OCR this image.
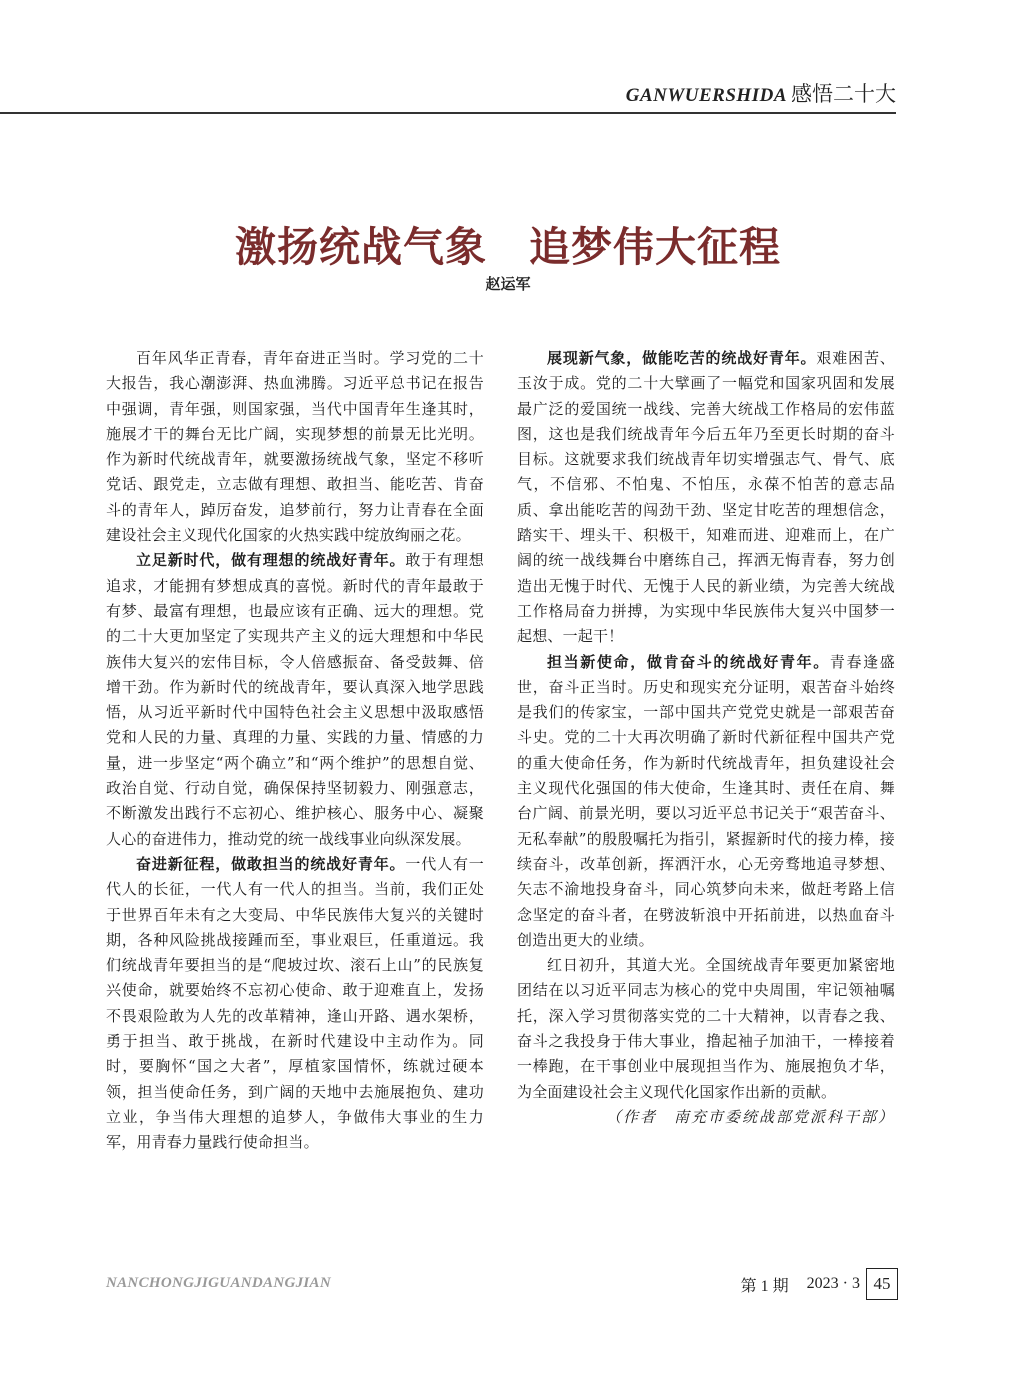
GANWUERSHIDA 感悟二十大
激扬统战气象　追梦伟大征程
赵运军

百年风华正青春，青年奋进正当时。学习党的二十大报告，我心潮澎湃、热血沸腾。习近平总书记在报告中强调，青年强，则国家强，当代中国青年生逢其时，施展才干的舞台无比广阔，实现梦想的前景无比光明。作为新时代统战青年，就要激扬统战气象，坚定不移听党话、跟党走，立志做有理想、敢担当、能吃苦、肯奋斗的青年人，踔厉奋发，追梦前行，努力让青春在全面建设社会主义现代化国家的火热实践中绽放绚丽之花。

立足新时代，做有理想的统战好青年。敢于有理想追求，才能拥有梦想成真的喜悦。新时代的青年最敢于有梦、最富有理想，也最应该有正确、远大的理想。党的二十大更加坚定了实现共产主义的远大理想和中华民族伟大复兴的宏伟目标，令人倍感振奋、备受鼓舞、倍增干劲。作为新时代的统战青年，要认真深入地学思践悟，从习近平新时代中国特色社会主义思想中汲取感悟党和人民的力量、真理的力量、实践的力量、情感的力量，进一步坚定“两个确立”和“两个维护”的思想自觉、政治自觉、行动自觉，确保保持坚韧毅力、刚强意志，不断激发出践行不忘初心、维护核心、服务中心、凝聚人心的奋进伟力，推动党的统一战线事业向纵深发展。

奋进新征程，做敢担当的统战好青年。一代人有一代人的长征，一代人有一代人的担当。当前，我们正处于世界百年未有之大变局、中华民族伟大复兴的关键时期，各种风险挑战接踵而至，事业艰巨，任重道远。我们统战青年要担当的是“爬坡过坎、滚石上山”的民族复兴使命，就要始终不忘初心使命、敢于迎难直上，发扬不畏艰险敢为人先的改革精神，逢山开路、遇水架桥，勇于担当、敢于挑战，在新时代建设中主动作为。同时，要胸怀“国之大者”，厚植家国情怀，练就过硬本领，担当使命任务，到广阔的天地中去施展抱负、建功立业，争当伟大理想的追梦人，争做伟大事业的生力军，用青春力量践行使命担当。

展现新气象，做能吃苦的统战好青年。艰难困苦、玉汝于成。党的二十大擘画了一幅党和国家巩固和发展最广泛的爱国统一战线、完善大统战工作格局的宏伟蓝图，这也是我们统战青年今后五年乃至更长时期的奋斗目标。这就要求我们统战青年切实增强志气、骨气、底气，不信邪、不怕鬼、不怕压，永葆不怕苦的意志品质、拿出能吃苦的闯劲干劲、坚定甘吃苦的理想信念，踏实干、埋头干、积极干，知难而进、迎难而上，在广阔的统一战线舞台中磨练自己，挥洒无悔青春，努力创造出无愧于时代、无愧于人民的新业绩，为完善大统战工作格局奋力拼搏，为实现中华民族伟大复兴中国梦一起想、一起干！

担当新使命，做肯奋斗的统战好青年。青春逢盛世，奋斗正当时。历史和现实充分证明，艰苦奋斗始终是我们的传家宝，一部中国共产党党史就是一部艰苦奋斗史。党的二十大再次明确了新时代新征程中国共产党的重大使命任务，作为新时代统战青年，担负建设社会主义现代化强国的伟大使命，生逢其时、责任在肩、舞台广阔、前景光明，要以习近平总书记关于“艰苦奋斗、无私奉献”的殷殷嘱托为指引，紧握新时代的接力棒，接续奋斗，改革创新，挥洒汗水，心无旁骛地追寻梦想、矢志不渝地投身奋斗，同心筑梦向未来，做赶考路上信念坚定的奋斗者，在劈波斩浪中开拓前进，以热血奋斗创造出更大的业绩。

红日初升，其道大光。全国统战青年要更加紧密地团结在以习近平同志为核心的党中央周围，牢记领袖嘱托，深入学习贯彻落实党的二十大精神，以青春之我、奋斗之我投身于伟大事业，撸起袖子加油干，一棒接着一棒跑，在干事创业中展现担当作为、施展抱负才华，为全面建设社会主义现代化国家作出新的贡献。

（作者　南充市委统战部党派科干部）

NANCHONGJIGUANDANGJIAN	第 1 期 2023 · 3 45
